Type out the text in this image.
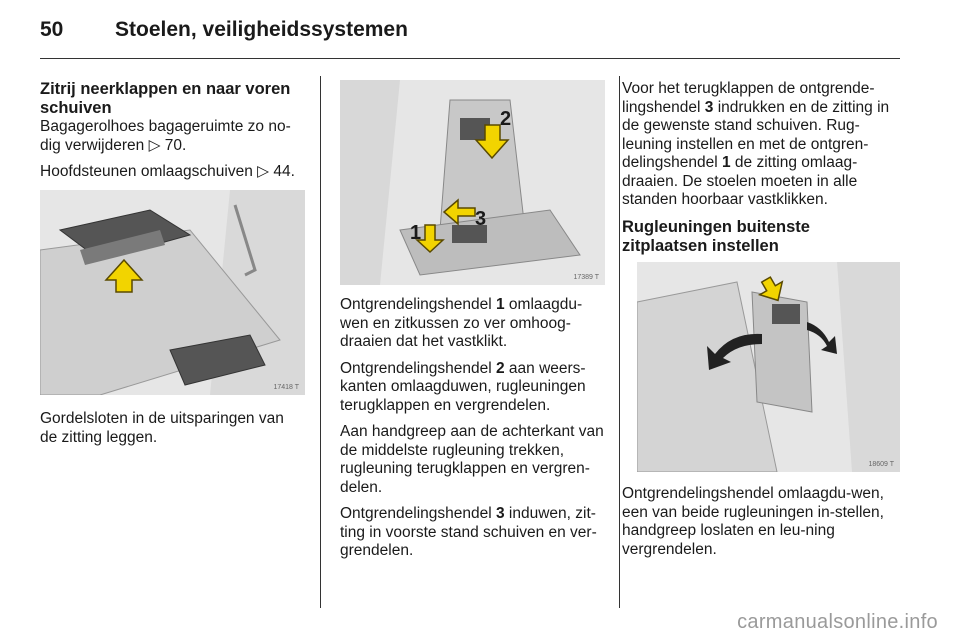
50 Stoelen, veiligheidssystemen
Zitrij neerklappen en naar voren
schuiven

Bagagerolhoes bagageruimte zo no-dig verwijderen ▷ 70.

Hoofdsteunen omlaagschuiven ▷ 44.

17418 T

Gordelsloten in de uitsparingen van de zitting leggen.

2
3
1
17389 T

Ontgrendelingshendel 1 omlaagdu-wen en zitkussen zo ver omhoog-draaien dat het vastklikt.

Ontgrendelingshendel 2 aan weers-kanten omlaagduwen, rugleuningen terugklappen en vergrendelen.

Aan handgreep aan de achterkant van de middelste rugleuning trekken, rugleuning terugklappen en vergren-delen.

Ontgrendelingshendel 3 induwen, zit-ting in voorste stand schuiven en ver-grendelen.

Voor het terugklappen de ontgrende-lingshendel 3 indrukken en de zitting in de gewenste stand schuiven. Rug-leuning instellen en met de ontgren-delingshendel 1 de zitting omlaag-draaien. De stoelen moeten in alle standen hoorbaar vastklikken.

Rugleuningen buitenste
zitplaatsen instellen
18609 T

Ontgrendelingshendel omlaagdu-wen, een van beide rugleuningen in-stellen, handgreep loslaten en leu-ning vergrendelen.

carmanualsonline.info
